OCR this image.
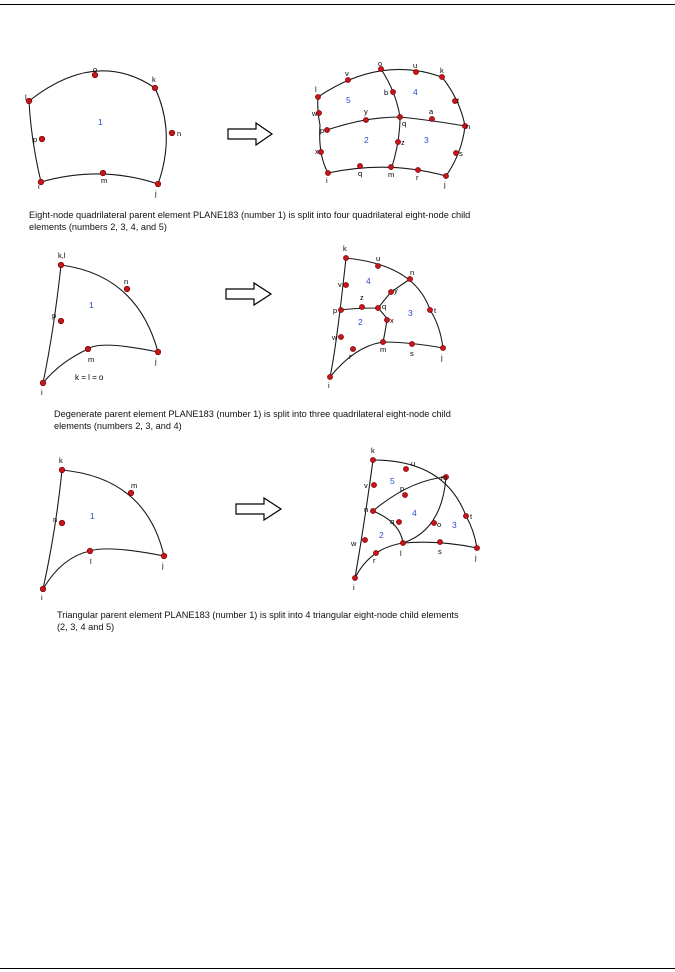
l
o
k
n
j
m
i
p
1
l
v
o	u
k
t
n
s
j
r
m
q
i
x
p
w	y
q
a
b
z
5
4
2	3
k,l
n
j
m
i
p
1
k = l = o
k
u
n
t
j
s
m
r
i
w
p
v
z
q
y
x
4
3
2
k
m
j
l
i
n	1
k
u
m
t
j
s
l
r
i
w
n
v	p
o
q
5
4
2
3
Eight-node quadrilateral parent element PLANE183 (number 1) is split into four quadrilateral eight-node child elements (numbers 2, 3, 4, and 5)
Degenerate parent element PLANE183 (number 1) is split into three quadrilateral eight-node child elements (numbers 2, 3, and 4)
Triangular parent element PLANE183 (number 1) is split into 4 triangular eight-node child elements (2, 3, 4 and 5)
